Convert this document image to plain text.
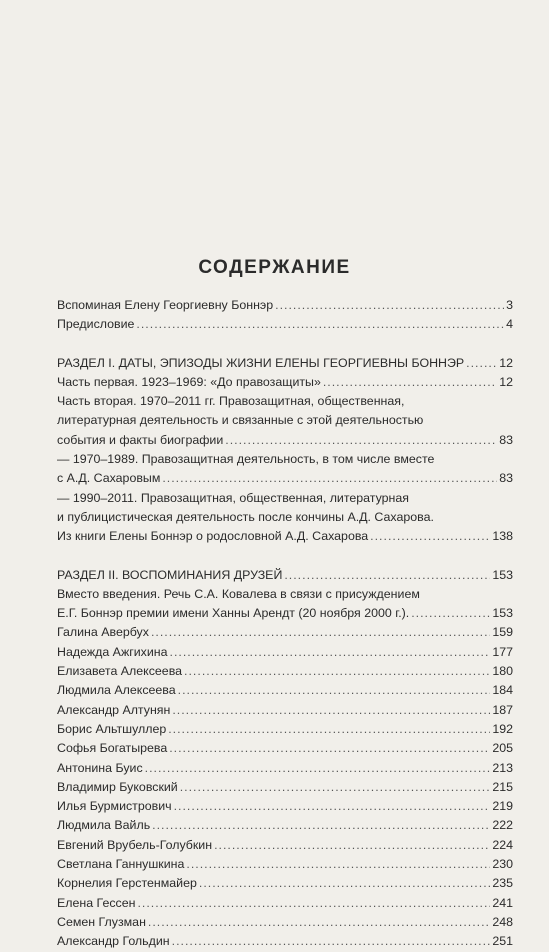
СОДЕРЖАНИЕ
Вспоминая Елену Георгиевну Боннэр .....	3
Предисловие .....	4
РАЗДЕЛ I. ДАТЫ, ЭПИЗОДЫ ЖИЗНИ ЕЛЕНЫ ГЕОРГИЕВНЫ БОННЭР .....	12
Часть первая. 1923–1969: «До правозащиты» .....	12
Часть вторая. 1970–2011 гг. Правозащитная, общественная,
литературная деятельность и связанные с этой деятельностью
события и факты биографии .....	83
— 1970–1989. Правозащитная деятельность, в том числе вместе
с А.Д. Сахаровым .....	83
— 1990–2011. Правозащитная, общественная, литературная
и публицистическая деятельность после кончины А.Д. Сахарова.
Из книги Елены Боннэр о родословной А.Д. Сахарова .....	138
РАЗДЕЛ II. ВОСПОМИНАНИЯ ДРУЗЕЙ .....	153
Вместо введения. Речь С.А. Ковалева в связи с присуждением
Е.Г. Боннэр премии имени Ханны Арендт (20 ноября 2000 г.). .....	153
Галина Авербух .....	159
Надежда Ажгихина .....	177
Елизавета Алексеева .....	180
Людмила Алексеева .....	184
Александр Алтунян .....	187
Борис Альтшуллер .....	192
Софья Богатырева .....	205
Антонина Буис .....	213
Владимир Буковский .....	215
Илья Бурмистрович .....	219
Людмила Вайль .....	222
Евгений Врубель-Голубкин .....	224
Светлана Ганнушкина .....	230
Корнелия Герстенмайер .....	235
Елена Гессен .....	241
Семен Глузман .....	248
Александр Гольдин .....	251
